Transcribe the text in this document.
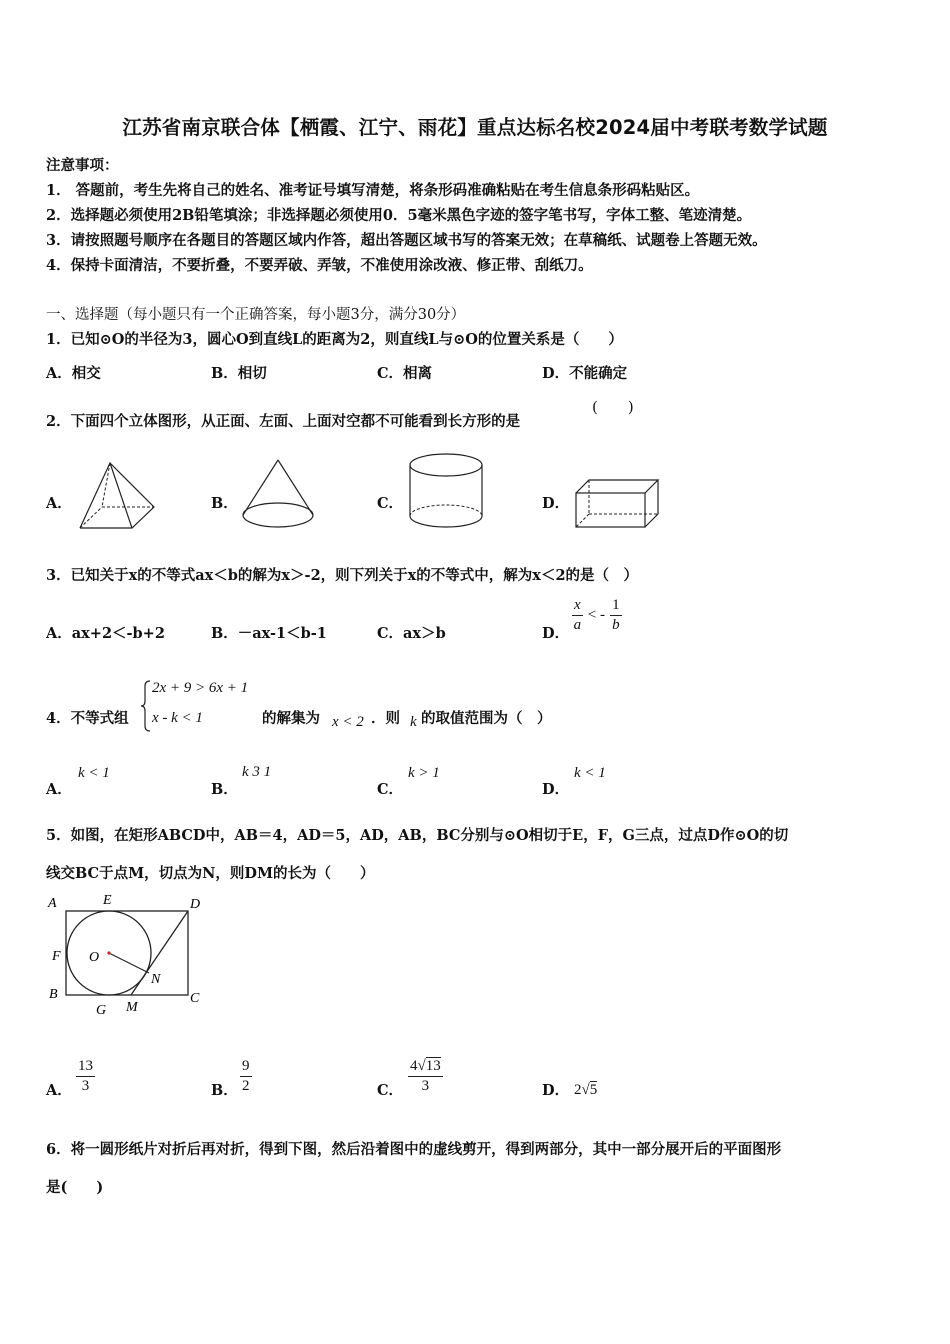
江苏省南京联合体【栖霞、江宁、雨花】重点达标名校2024届中考联考数学试题
注意事项：
1． 答题前，考生先将自己的姓名、准考证号填写清楚，将条形码准确粘贴在考生信息条形码粘贴区。
2．选择题必须使用2B铅笔填涂；非选择题必须使用0．5毫米黑色字迹的签字笔书写，字体工整、笔迹清楚。
3．请按照题号顺序在各题目的答题区域内作答，超出答题区域书写的答案无效；在草稿纸、试题卷上答题无效。
4．保持卡面清洁，不要折叠，不要弄破、弄皱，不准使用涂改液、修正带、刮纸刀。
一、选择题（每小题只有一个正确答案，每小题3分，满分30分）
1．已知⊙O的半径为3，圆心O到直线L的距离为2，则直线L与⊙O的位置关系是（　　）
A．相交	B．相切	C．相离	D．不能确定
2．下面四个立体图形，从正面、左面、上面对空都不可能看到长方形的是
(　　)
A．	B．	C．	D．
3．已知关于x的不等式ax＜b的解为x＞-2，则下列关于x的不等式中，解为x＜2的是（　）
A．ax+2＜-b+2	B．－ax-1＜b-1	C．ax＞b	D． $\frac{x}{a}$ < - $\frac{1}{b}$
4．不等式组
2x + 9 > 6x + 1
x - k < 1	的解集为 x < 2 ．则 k 的取值范围为（　）
A．
k < 1
B．
k 3 1
C．
k > 1
D．
k < 1
5．如图，在矩形ABCD中，AB＝4，AD＝5，AD，AB，BC分别与⊙O相切于E，F，G三点，过点D作⊙O的切
线交BC于点M，切点为N，则DM的长为（　　）
A	E	D
F O
N
B	C
G M
A． $\frac{13}{3}$	B． $\frac{9}{2}$	C． $\frac{4√13}{3}$	D． 2√5
6．将一圆形纸片对折后再对折，得到下图，然后沿着图中的虚线剪开，得到两部分，其中一部分展开后的平面图形
是(　　)
